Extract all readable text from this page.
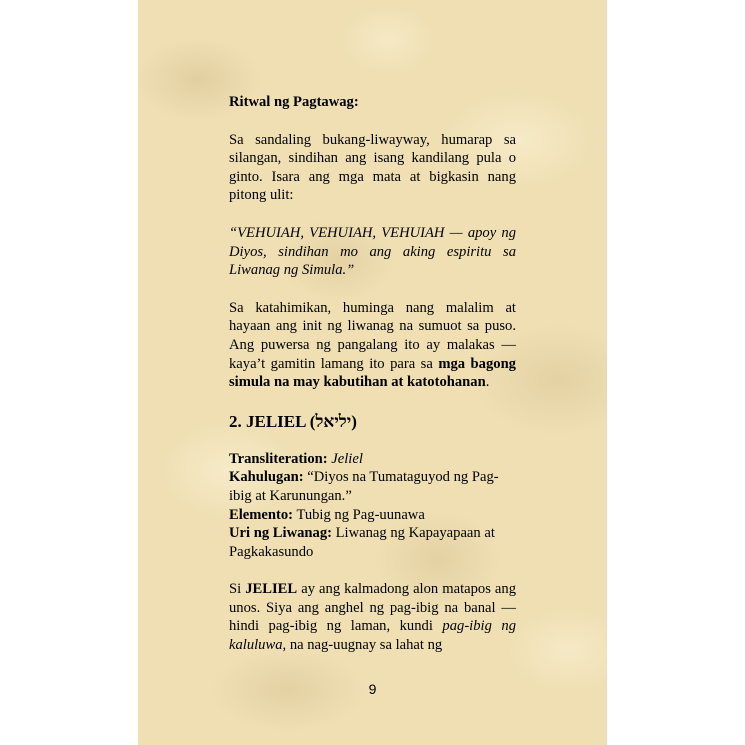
Ritwal ng Pagtawag:

Sa sandaling bukang-liwayway, humarap sa silangan, sindihan ang isang kandilang pula o ginto. Isara ang mga mata at bigkasin nang pitong ulit:

“VEHUIAH, VEHUIAH, VEHUIAH — apoy ng Diyos, sindihan mo ang aking espiritu sa Liwanag ng Simula.”

Sa katahimikan, huminga nang malalim at hayaan ang init ng liwanag na sumuot sa puso. Ang puwersa ng pangalang ito ay malakas — kaya’t gamitin lamang ito para sa mga bagong simula na may kabutihan at katotohanan.

2. JELIEL (יליאל)

Transliteration: Jeliel

Kahulugan: “Diyos na Tumataguyod ng Pag-ibig at Karunungan.”

Elemento: Tubig ng Pag-uunawa

Uri ng Liwanag: Liwanag ng Kapayapaan at Pagkakasundo

Si JELIEL ay ang kalmadong alon matapos ang unos. Siya ang anghel ng pag-ibig na banal — hindi pag-ibig ng laman, kundi pag-ibig ng kaluluwa, na nag-uugnay sa lahat ng

9
